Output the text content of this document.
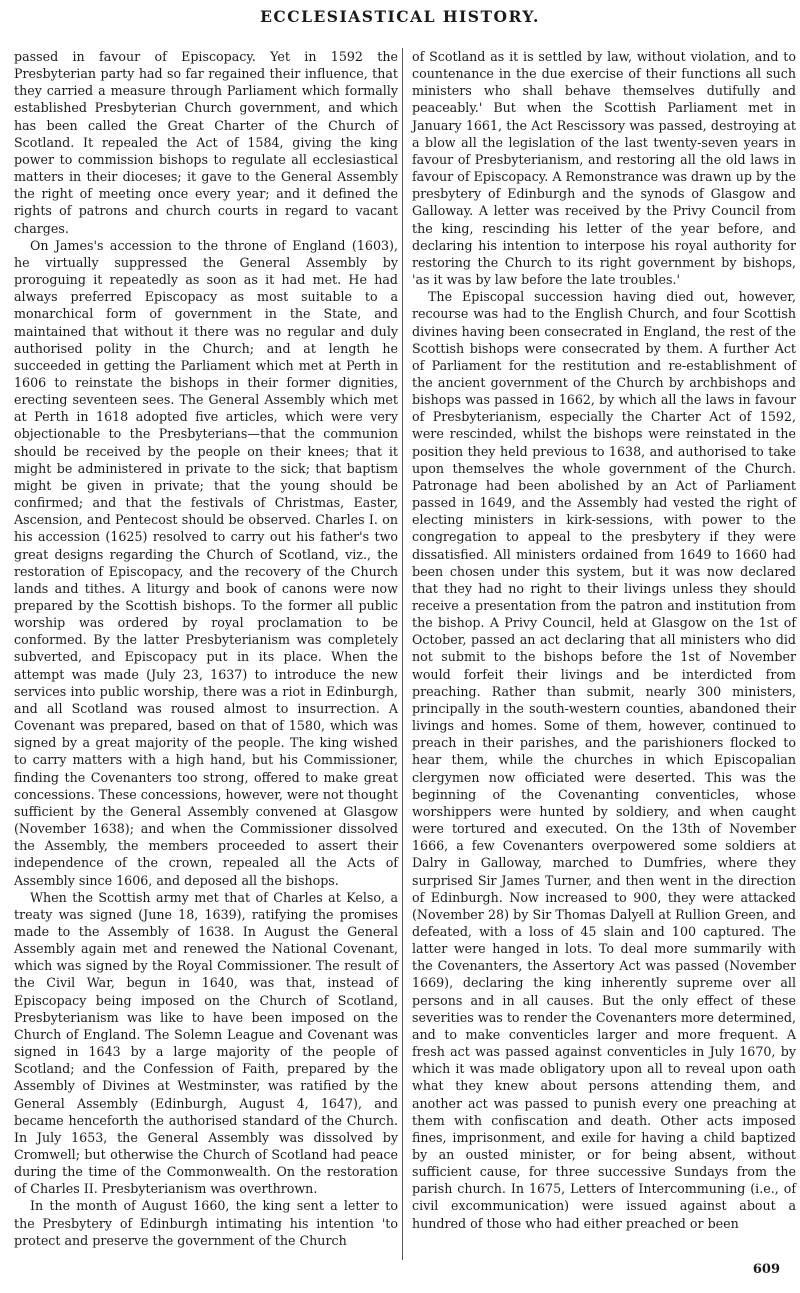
ECCLESIASTICAL HISTORY.

passed in favour of Episcopacy. Yet in 1592 the Presbyterian party had so far regained their influence, that they carried a measure through Parliament which formally established Presbyterian Church government, and which has been called the Great Charter of the Church of Scotland. It repealed the Act of 1584, giving the king power to commission bishops to regulate all ecclesiastical matters in their dioceses; it gave to the General Assembly the right of meeting once every year; and it defined the rights of patrons and church courts in regard to vacant charges.

On James's accession to the throne of England (1603), he virtually suppressed the General Assembly by proroguing it repeatedly as soon as it had met. He had always preferred Episcopacy as most suitable to a monarchical form of government in the State, and maintained that without it there was no regular and duly authorised polity in the Church; and at length he succeeded in getting the Parliament which met at Perth in 1606 to reinstate the bishops in their former dignities, erecting seventeen sees. The General Assembly which met at Perth in 1618 adopted five articles, which were very objectionable to the Presbyterians—that the communion should be received by the people on their knees; that it might be administered in private to the sick; that baptism might be given in private; that the young should be confirmed; and that the festivals of Christmas, Easter, Ascension, and Pentecost should be observed. Charles I. on his accession (1625) resolved to carry out his father's two great designs regarding the Church of Scotland, viz., the restoration of Episcopacy, and the recovery of the Church lands and tithes. A liturgy and book of canons were now prepared by the Scottish bishops. To the former all public worship was ordered by royal proclamation to be conformed. By the latter Presbyterianism was completely subverted, and Episcopacy put in its place. When the attempt was made (July 23, 1637) to introduce the new services into public worship, there was a riot in Edinburgh, and all Scotland was roused almost to insurrection. A Covenant was prepared, based on that of 1580, which was signed by a great majority of the people. The king wished to carry matters with a high hand, but his Commissioner, finding the Covenanters too strong, offered to make great concessions. These concessions, however, were not thought sufficient by the General Assembly convened at Glasgow (November 1638); and when the Commissioner dissolved the Assembly, the members proceeded to assert their independence of the crown, repealed all the Acts of Assembly since 1606, and deposed all the bishops.

When the Scottish army met that of Charles at Kelso, a treaty was signed (June 18, 1639), ratifying the promises made to the Assembly of 1638. In August the General Assembly again met and renewed the National Covenant, which was signed by the Royal Commissioner. The result of the Civil War, begun in 1640, was that, instead of Episcopacy being imposed on the Church of Scotland, Presbyterianism was like to have been imposed on the Church of England. The Solemn League and Covenant was signed in 1643 by a large majority of the people of Scotland; and the Confession of Faith, prepared by the Assembly of Divines at Westminster, was ratified by the General Assembly (Edinburgh, August 4, 1647), and became henceforth the authorised standard of the Church. In July 1653, the General Assembly was dissolved by Cromwell; but otherwise the Church of Scotland had peace during the time of the Commonwealth. On the restoration of Charles II. Presbyterianism was overthrown.

In the month of August 1660, the king sent a letter to the Presbytery of Edinburgh intimating his intention 'to protect and preserve the government of the Church

of Scotland as it is settled by law, without violation, and to countenance in the due exercise of their functions all such ministers who shall behave themselves dutifully and peaceably.' But when the Scottish Parliament met in January 1661, the Act Rescissory was passed, destroying at a blow all the legislation of the last twenty-seven years in favour of Presbyterianism, and restoring all the old laws in favour of Episcopacy. A Remonstrance was drawn up by the presbytery of Edinburgh and the synods of Glasgow and Galloway. A letter was received by the Privy Council from the king, rescinding his letter of the year before, and declaring his intention to interpose his royal authority for restoring the Church to its right government by bishops, 'as it was by law before the late troubles.'

The Episcopal succession having died out, however, recourse was had to the English Church, and four Scottish divines having been consecrated in England, the rest of the Scottish bishops were consecrated by them. A further Act of Parliament for the restitution and re-establishment of the ancient government of the Church by archbishops and bishops was passed in 1662, by which all the laws in favour of Presbyterianism, especially the Charter Act of 1592, were rescinded, whilst the bishops were reinstated in the position they held previous to 1638, and authorised to take upon themselves the whole government of the Church. Patronage had been abolished by an Act of Parliament passed in 1649, and the Assembly had vested the right of electing ministers in kirk-sessions, with power to the congregation to appeal to the presbytery if they were dissatisfied. All ministers ordained from 1649 to 1660 had been chosen under this system, but it was now declared that they had no right to their livings unless they should receive a presentation from the patron and institution from the bishop. A Privy Council, held at Glasgow on the 1st of October, passed an act declaring that all ministers who did not submit to the bishops before the 1st of November would forfeit their livings and be interdicted from preaching. Rather than submit, nearly 300 ministers, principally in the south-western counties, abandoned their livings and homes. Some of them, however, continued to preach in their parishes, and the parishioners flocked to hear them, while the churches in which Episcopalian clergymen now officiated were deserted. This was the beginning of the Covenanting conventicles, whose worshippers were hunted by soldiery, and when caught were tortured and executed. On the 13th of November 1666, a few Covenanters overpowered some soldiers at Dalry in Galloway, marched to Dumfries, where they surprised Sir James Turner, and then went in the direction of Edinburgh. Now increased to 900, they were attacked (November 28) by Sir Thomas Dalyell at Rullion Green, and defeated, with a loss of 45 slain and 100 captured. The latter were hanged in lots. To deal more summarily with the Covenanters, the Assertory Act was passed (November 1669), declaring the king inherently supreme over all persons and in all causes. But the only effect of these severities was to render the Covenanters more determined, and to make conventicles larger and more frequent. A fresh act was passed against conventicles in July 1670, by which it was made obligatory upon all to reveal upon oath what they knew about persons attending them, and another act was passed to punish every one preaching at them with confiscation and death. Other acts imposed fines, imprisonment, and exile for having a child baptized by an ousted minister, or for being absent, without sufficient cause, for three successive Sundays from the parish church. In 1675, Letters of Intercommuning (i.e., of civil excommunication) were issued against about a hundred of those who had either preached or been

609
